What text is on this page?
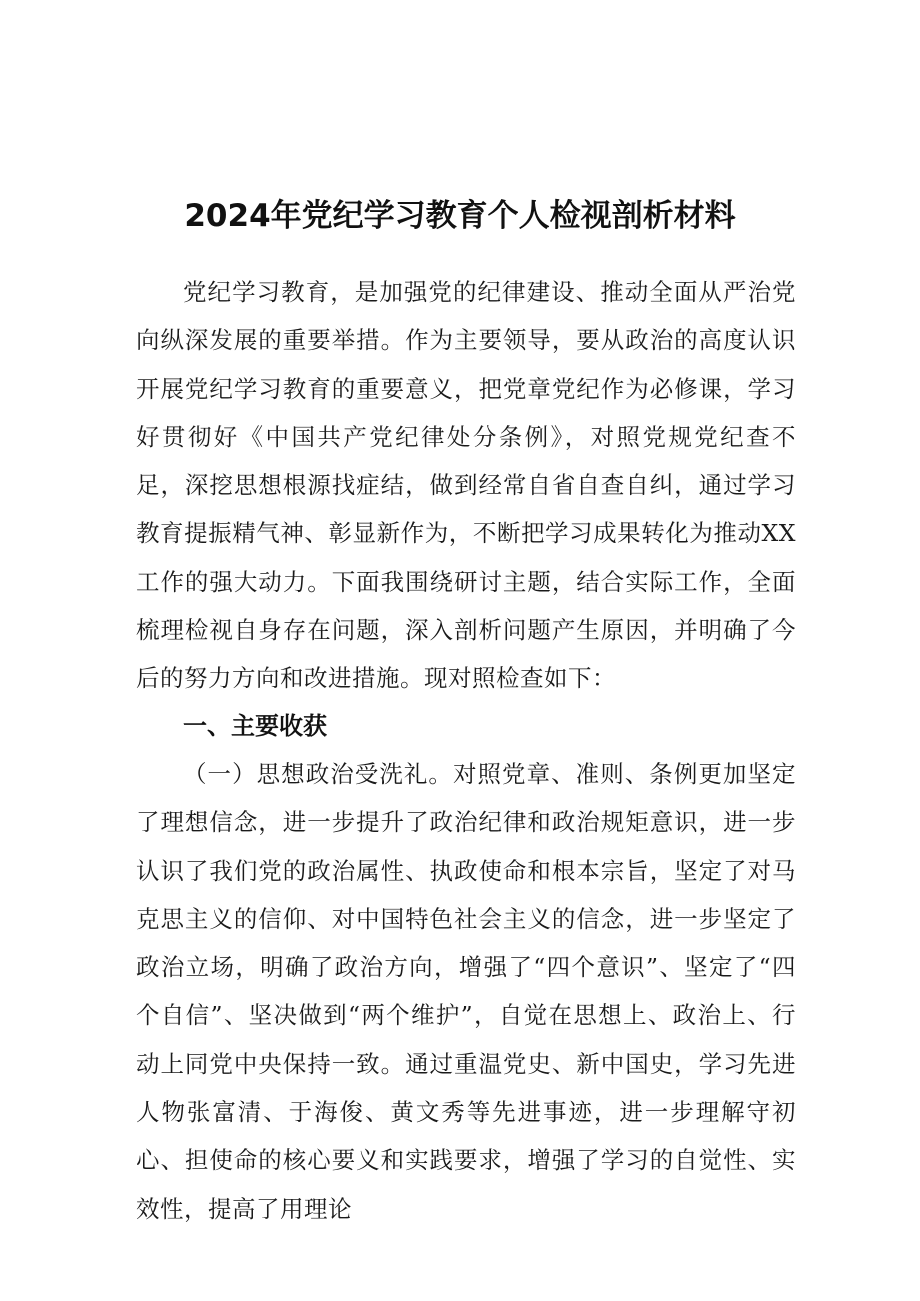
2024年党纪学习教育个人检视剖析材料

党纪学习教育，是加强党的纪律建设、推动全面从严治党向纵深发展的重要举措。作为主要领导，要从政治的高度认识开展党纪学习教育的重要意义，把党章党纪作为必修课，学习好贯彻好《中国共产党纪律处分条例》，对照党规党纪查不足，深挖思想根源找症结，做到经常自省自查自纠，通过学习教育提振精气神、彰显新作为，不断把学习成果转化为推动XX工作的强大动力。下面我围绕研讨主题，结合实际工作，全面梳理检视自身存在问题，深入剖析问题产生原因，并明确了今后的努力方向和改进措施。现对照检查如下：

一、主要收获

（一）思想政治受洗礼。对照党章、准则、条例更加坚定了理想信念，进一步提升了政治纪律和政治规矩意识，进一步认识了我们党的政治属性、执政使命和根本宗旨，坚定了对马克思主义的信仰、对中国特色社会主义的信念，进一步坚定了政治立场，明确了政治方向，增强了“四个意识”、坚定了“四个自信”、坚决做到“两个维护”，自觉在思想上、政治上、行动上同党中央保持一致。通过重温党史、新中国史，学习先进人物张富清、于海俊、黄文秀等先进事迹，进一步理解守初心、担使命的核心要义和实践要求，增强了学习的自觉性、实效性，提高了用理论
